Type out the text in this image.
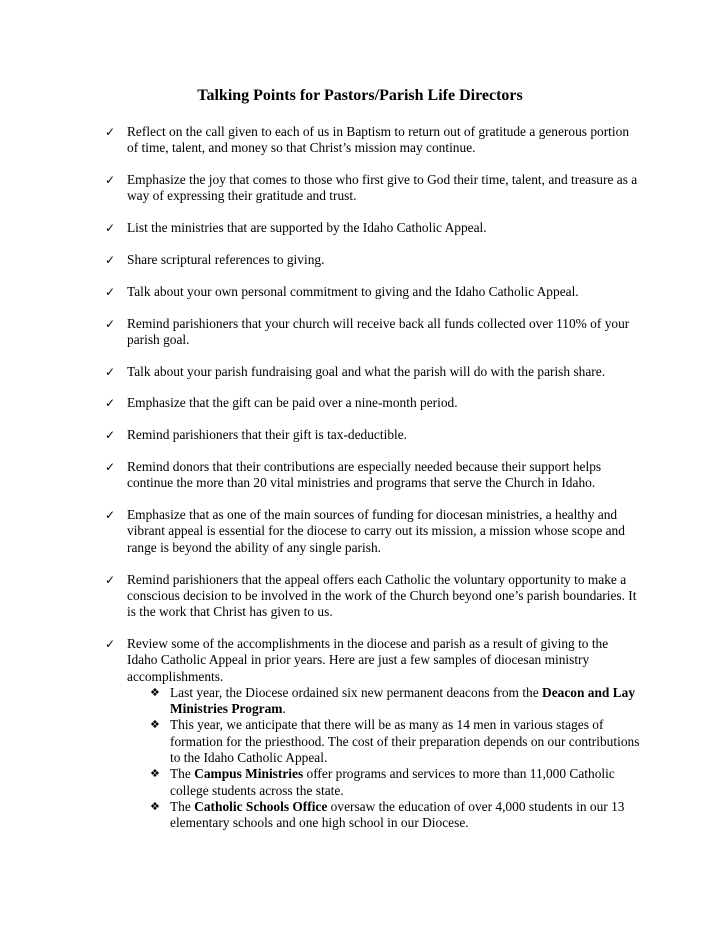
Talking Points for Pastors/Parish Life Directors
✓ Reflect on the call given to each of us in Baptism to return out of gratitude a generous portion of time, talent, and money so that Christ’s mission may continue.
✓ Emphasize the joy that comes to those who first give to God their time, talent, and treasure as a way of expressing their gratitude and trust.
✓ List the ministries that are supported by the Idaho Catholic Appeal.
✓ Share scriptural references to giving.
✓ Talk about your own personal commitment to giving and the Idaho Catholic Appeal.
✓ Remind parishioners that your church will receive back all funds collected over 110% of your parish goal.
✓ Talk about your parish fundraising goal and what the parish will do with the parish share.
✓ Emphasize that the gift can be paid over a nine-month period.
✓ Remind parishioners that their gift is tax-deductible.
✓ Remind donors that their contributions are especially needed because their support helps continue the more than 20 vital ministries and programs that serve the Church in Idaho.
✓ Emphasize that as one of the main sources of funding for diocesan ministries, a healthy and vibrant appeal is essential for the diocese to carry out its mission, a mission whose scope and range is beyond the ability of any single parish.
✓ Remind parishioners that the appeal offers each Catholic the voluntary opportunity to make a conscious decision to be involved in the work of the Church beyond one’s parish boundaries. It is the work that Christ has given to us.
✓ Review some of the accomplishments in the diocese and parish as a result of giving to the Idaho Catholic Appeal in prior years. Here are just a few samples of diocesan ministry accomplishments.
❖ Last year, the Diocese ordained six new permanent deacons from the Deacon and Lay Ministries Program.
❖ This year, we anticipate that there will be as many as 14 men in various stages of formation for the priesthood. The cost of their preparation depends on our contributions to the Idaho Catholic Appeal.
❖ The Campus Ministries offer programs and services to more than 11,000 Catholic college students across the state.
❖ The Catholic Schools Office oversaw the education of over 4,000 students in our 13 elementary schools and one high school in our Diocese.
